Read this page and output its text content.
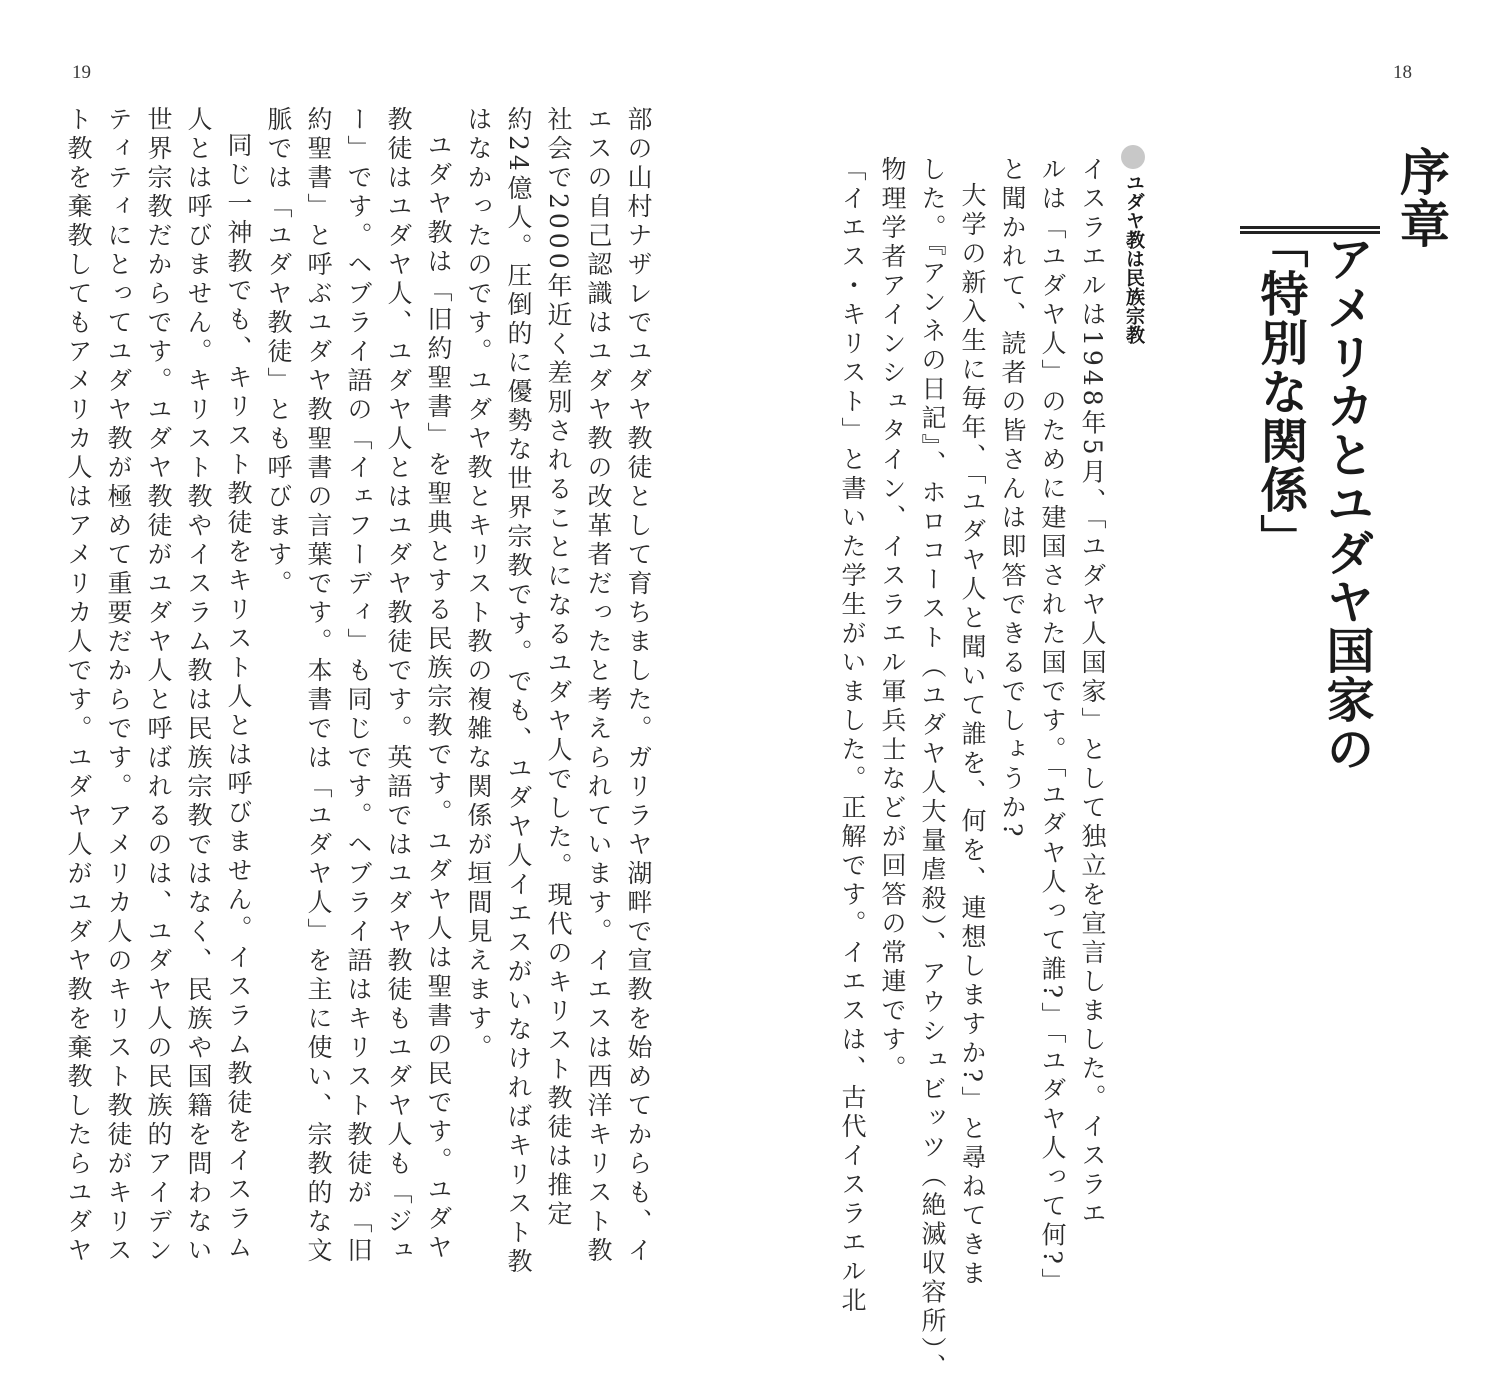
19	18
序章
アメリカとユダヤ国家の
「特別な関係」
ユダヤ教は民族宗教
イスラエルは1948年5月、「ユダヤ人国家」として独立を宣言しました。イスラエ
ルは「ユダヤ人」のために建国された国です。「ユダヤ人って誰?」「ユダヤ人って何?」
と聞かれて、読者の皆さんは即答できるでしょうか?
大学の新入生に毎年、「ユダヤ人と聞いて誰を、何を、連想しますか?」と尋ねてきま
した。『アンネの日記』、ホロコースト（ユダヤ人大量虐殺）、アウシュビッツ（絶滅収容所）、
物理学者アインシュタイン、イスラエル軍兵士などが回答の常連です。
「イエス・キリスト」と書いた学生がいました。正解です。イエスは、古代イスラエル北
部の山村ナザレでユダヤ教徒として育ちました。ガリラヤ湖畔で宣教を始めてからも、イ
エスの自己認識はユダヤ教の改革者だったと考えられています。イエスは西洋キリスト教
社会で2000年近く差別されることになるユダヤ人でした。現代のキリスト教徒は推定
約24億人。圧倒的に優勢な世界宗教です。でも、ユダヤ人イエスがいなければキリスト教
はなかったのです。ユダヤ教とキリスト教の複雑な関係が垣間見えます。
ユダヤ教は「旧約聖書」を聖典とする民族宗教です。ユダヤ人は聖書の民です。ユダヤ
教徒はユダヤ人、ユダヤ人とはユダヤ教徒です。英語ではユダヤ教徒もユダヤ人も「ジュ
ー」です。ヘブライ語の「イェフーディ」も同じです。ヘブライ語はキリスト教徒が「旧
約聖書」と呼ぶユダヤ教聖書の言葉です。本書では「ユダヤ人」を主に使い、宗教的な文
脈では「ユダヤ教徒」とも呼びます。
同じ一神教でも、キリスト教徒をキリスト人とは呼びません。イスラム教徒をイスラム
人とは呼びません。キリスト教やイスラム教は民族宗教ではなく、民族や国籍を問わない
世界宗教だからです。ユダヤ教徒がユダヤ人と呼ばれるのは、ユダヤ人の民族的アイデン
ティティにとってユダヤ教が極めて重要だからです。アメリカ人のキリスト教徒がキリス
ト教を棄教してもアメリカ人はアメリカ人です。ユダヤ人がユダヤ教を棄教したらユダヤ
